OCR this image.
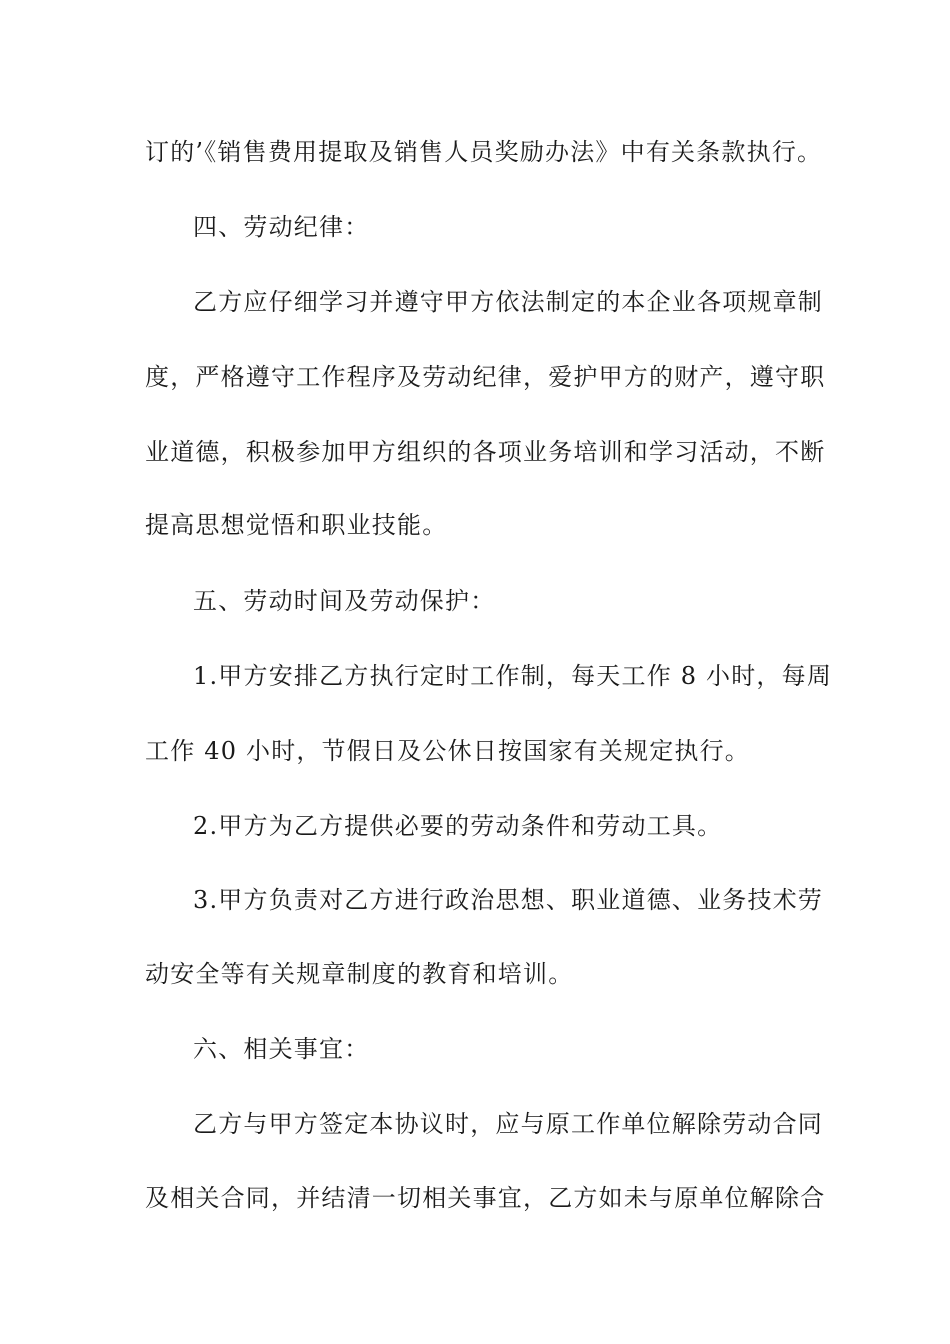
订的’《销售费用提取及销售人员奖励办法》中有关条款执行。
四、劳动纪律：
乙方应仔细学习并遵守甲方依法制定的本企业各项规章制
度，严格遵守工作程序及劳动纪律，爱护甲方的财产，遵守职
业道德，积极参加甲方组织的各项业务培训和学习活动，不断
提高思想觉悟和职业技能。
五、劳动时间及劳动保护：
1.甲方安排乙方执行定时工作制，每天工作 8 小时，每周
工作 40 小时，节假日及公休日按国家有关规定执行。
2.甲方为乙方提供必要的劳动条件和劳动工具。
3.甲方负责对乙方进行政治思想、职业道德、业务技术劳
动安全等有关规章制度的教育和培训。
六、相关事宜：
乙方与甲方签定本协议时，应与原工作单位解除劳动合同
及相关合同，并结清一切相关事宜，乙方如未与原单位解除合
